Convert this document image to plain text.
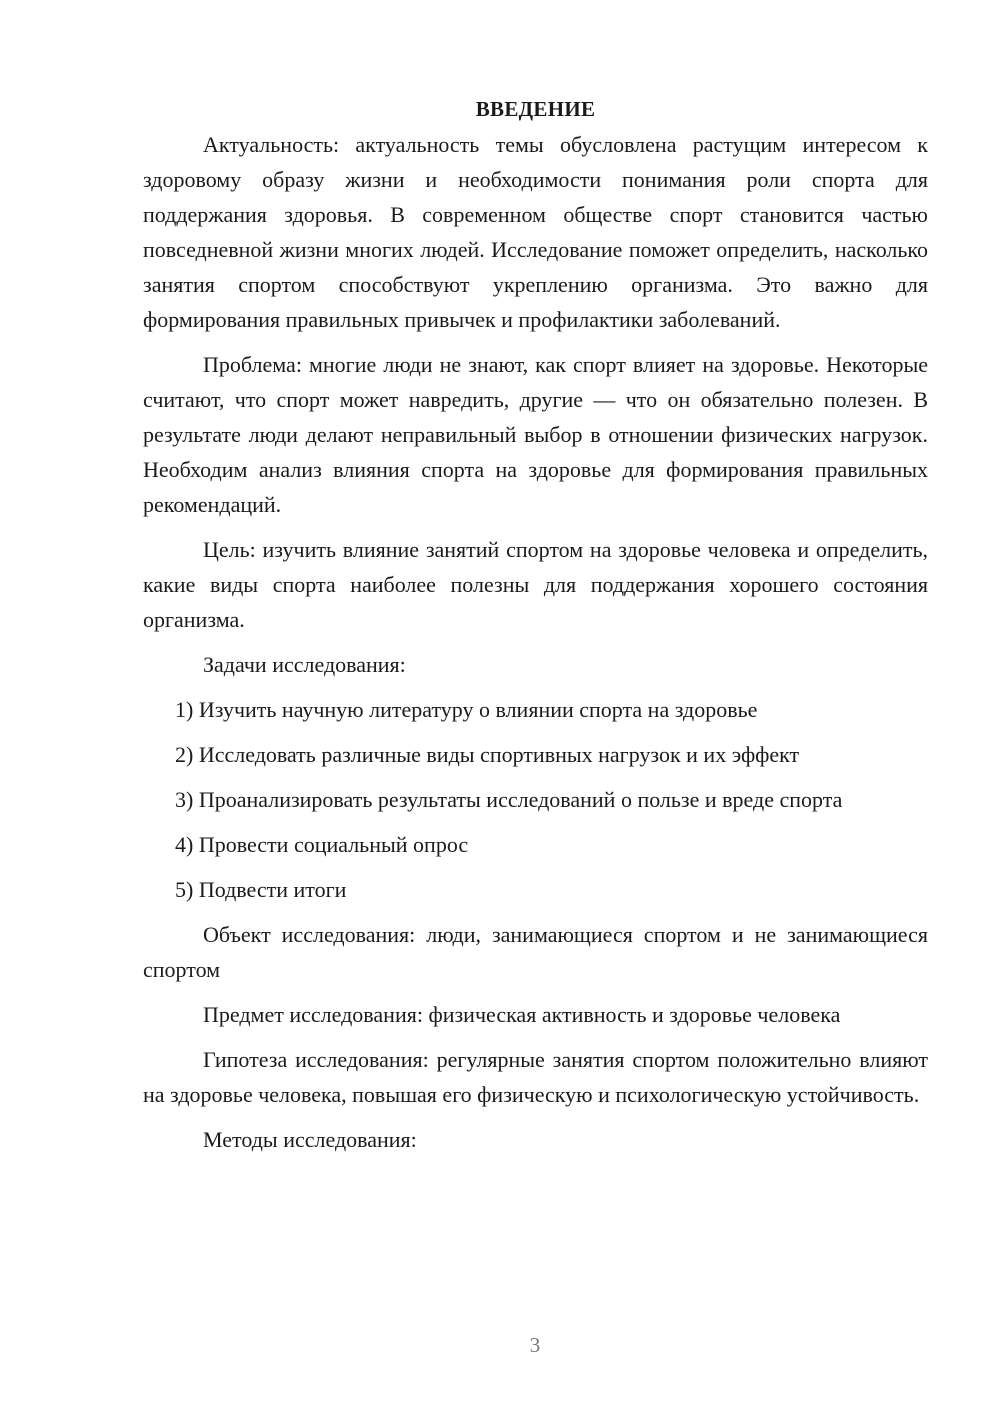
ВВЕДЕНИЕ

Актуальность: актуальность темы обусловлена растущим интересом к здоровому образу жизни и необходимости понимания роли спорта для поддержания здоровья. В современном обществе спорт становится частью повседневной жизни многих людей. Исследование поможет определить, насколько занятия спортом способствуют укреплению организма. Это важно для формирования правильных привычек и профилактики заболеваний.

Проблема: многие люди не знают, как спорт влияет на здоровье. Некоторые считают, что спорт может навредить, другие — что он обязательно полезен. В результате люди делают неправильный выбор в отношении физических нагрузок. Необходим анализ влияния спорта на здоровье для формирования правильных рекомендаций.

Цель: изучить влияние занятий спортом на здоровье человека и определить, какие виды спорта наиболее полезны для поддержания хорошего состояния организма.

Задачи исследования:

1) Изучить научную литературу о влиянии спорта на здоровье

2) Исследовать различные виды спортивных нагрузок и их эффект

3) Проанализировать результаты исследований о пользе и вреде спорта

4) Провести социальный опрос

5) Подвести итоги

Объект исследования: люди, занимающиеся спортом и не занимающиеся спортом

Предмет исследования: физическая активность и здоровье человека

Гипотеза исследования: регулярные занятия спортом положительно влияют на здоровье человека, повышая его физическую и психологическую устойчивость.

Методы исследования:

3
